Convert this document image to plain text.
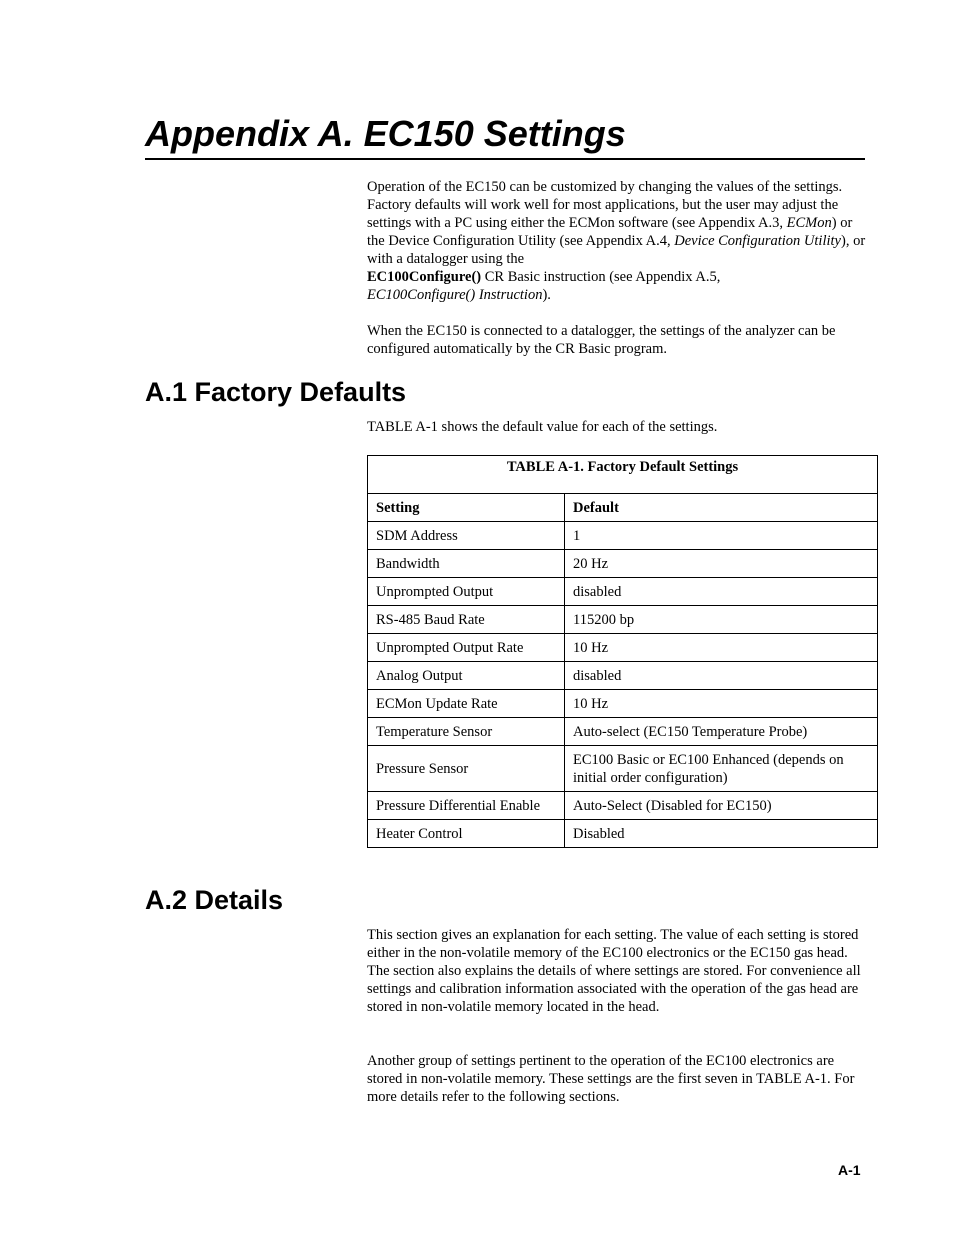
Appendix A. EC150 Settings

Operation of the EC150 can be customized by changing the values of the settings. Factory defaults will work well for most applications, but the user may adjust the settings with a PC using either the ECMon software (see Appendix A.3, ECMon) or the Device Configuration Utility (see Appendix A.4, Device Configuration Utility), or with a datalogger using the
EC100Configure() CR Basic instruction (see Appendix A.5,
EC100Configure() Instruction).

When the EC150 is connected to a datalogger, the settings of the analyzer can be configured automatically by the CR Basic program.

A.1 Factory Defaults

TABLE A-1 shows the default value for each of the settings.

TABLE A-1. Factory Default Settings	
Setting	Default
SDM Address	1
Bandwidth	20 Hz
Unprompted Output	disabled
RS-485 Baud Rate	115200 bp
Unprompted Output Rate	10 Hz
Analog Output	disabled
ECMon Update Rate	10 Hz
Temperature Sensor	Auto-select (EC150 Temperature Probe)
Pressure Sensor	EC100 Basic or EC100 Enhanced (depends on initial order configuration)
Pressure Differential Enable	Auto-Select (Disabled for EC150)
Heater Control	Disabled
A.2 Details

This section gives an explanation for each setting. The value of each setting is stored either in the non-volatile memory of the EC100 electronics or the EC150 gas head. The section also explains the details of where settings are stored. For convenience all settings and calibration information associated with the operation of the gas head are stored in non-volatile memory located in the head.

Another group of settings pertinent to the operation of the EC100 electronics are stored in non-volatile memory. These settings are the first seven in TABLE A-1. For more details refer to the following sections.

A-1
